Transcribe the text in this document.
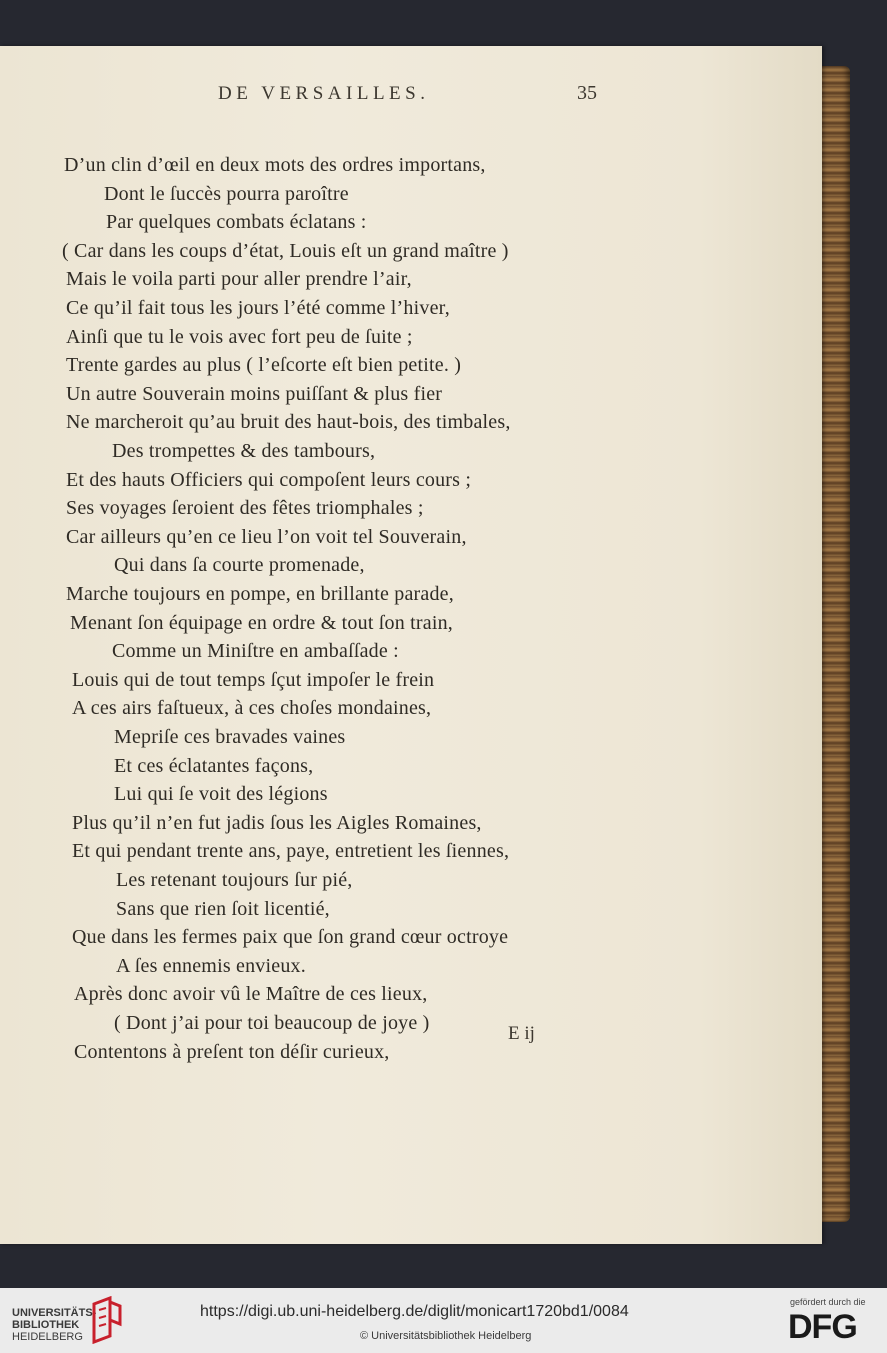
DE VERSAILLES.	35
D’un clin d’œil en deux mots des ordres importans,
Dont le ſuccès pourra paroître
Par quelques combats éclatans :
( Car dans les coups d’état, Louis eſt un grand maître )
Mais le voila parti pour aller prendre l’air,
Ce qu’il fait tous les jours l’été comme l’hiver,
Ainſi que tu le vois avec fort peu de ſuite ;
Trente gardes au plus ( l’eſcorte eſt bien petite. )
Un autre Souverain moins puiſſant & plus fier
Ne marcheroit qu’au bruit des haut-bois, des timbales,
Des trompettes & des tambours,
Et des hauts Officiers qui compoſent leurs cours ;
Ses voyages ſeroient des fêtes triomphales ;
Car ailleurs qu’en ce lieu l’on voit tel Souverain,
Qui dans ſa courte promenade,
Marche toujours en pompe, en brillante parade,
Menant ſon équipage en ordre & tout ſon train,
Comme un Miniſtre en ambaſſade :
Louis qui de tout temps ſçut impoſer le frein
A ces airs faſtueux, à ces choſes mondaines,
Mepriſe ces bravades vaines
Et ces éclatantes façons,
Lui qui ſe voit des légions
Plus qu’il n’en fut jadis ſous les Aigles Romaines,
Et qui pendant trente ans, paye, entretient les ſiennes,
Les retenant toujours ſur pié,
Sans que rien ſoit licentié,
Que dans les fermes paix que ſon grand cœur octroye
A ſes ennemis envieux.
Après donc avoir vû le Maître de ces lieux,
( Dont j’ai pour toi beaucoup de joye )
Contentons à preſent ton déſir curieux,
E ij
UNIVERSITÄTS-
BIBLIOTHEK
HEIDELBERG
https://digi.ub.uni-heidelberg.de/diglit/monicart1720bd1/0084
© Universitätsbibliothek Heidelberg
gefördert durch die
DFG
